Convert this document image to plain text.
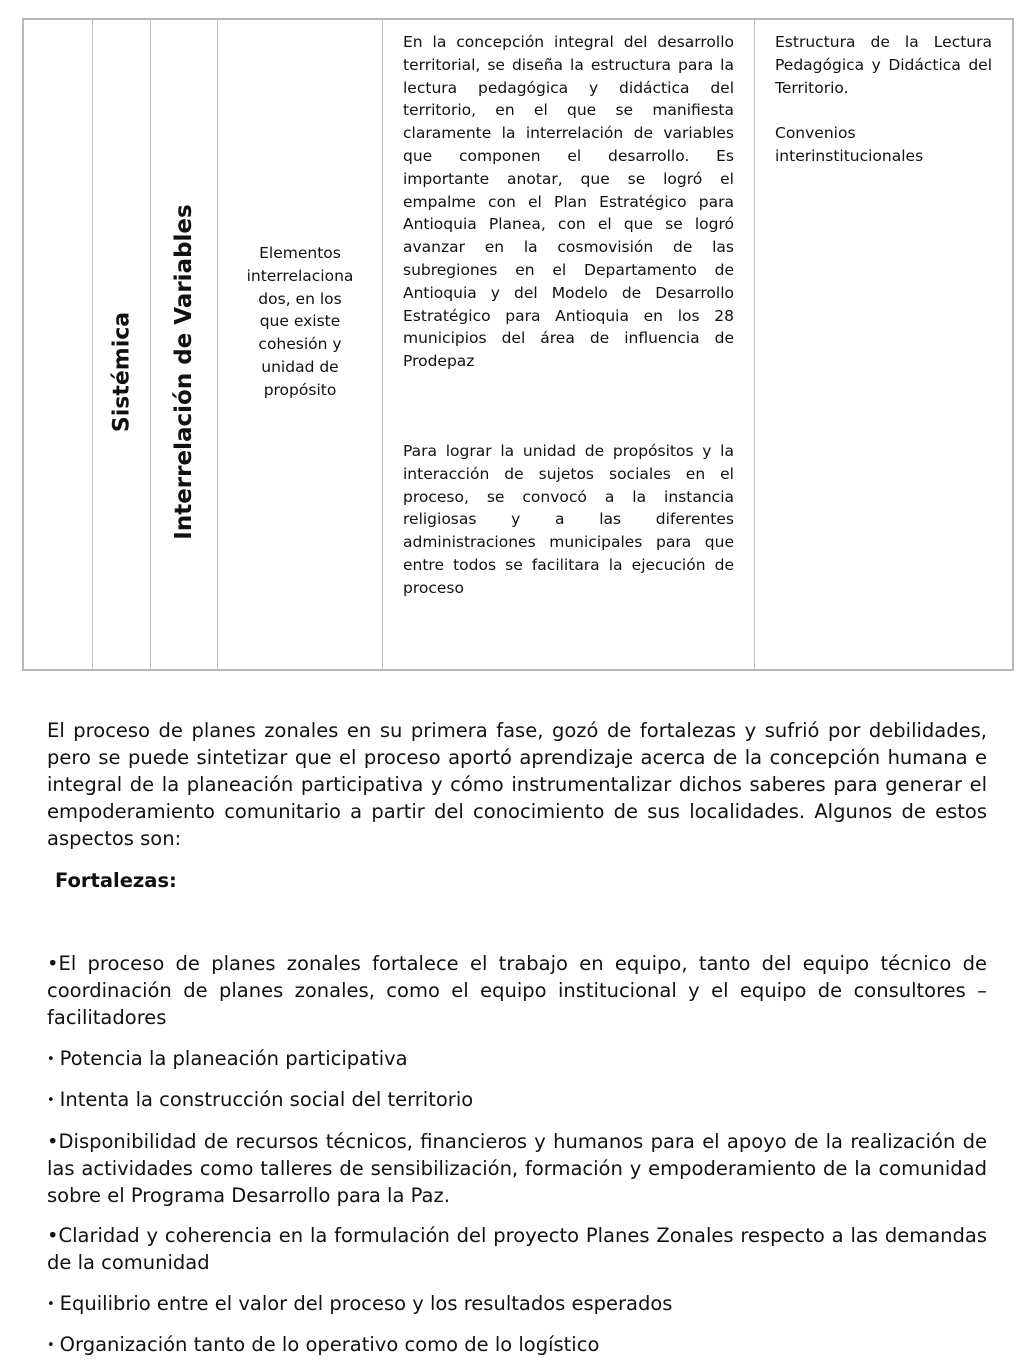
Sistémica Interrelación de Variables	Elementos
interrelaciona
dos, en los
que existe
cohesión y
unidad de
propósito

En la concepción integral del desarrollo territorial, se diseña la estructura para la lectura pedagógica y didáctica del territorio, en el que se manifiesta claramente la interrelación de variables que componen el desarrollo. Es importante anotar, que se logró el empalme con el Plan Estratégico para Antioquia Planea, con el que se logró avanzar en la cosmovisión de las subregiones en el Departamento de Antioquia y del Modelo de Desarrollo Estratégico para Antioquia en los 28 municipios del área de influencia de Prodepaz

Para lograr la unidad de propósitos y la interacción de sujetos sociales en el proceso, se convocó a la instancia religiosas y a las diferentes administraciones municipales para que entre todos se facilitara la ejecución de proceso

Estructura de la Lectura Pedagógica y Didáctica del Territorio.

Convenios interinstitucionales

El proceso de planes zonales en su primera fase, gozó de fortalezas y sufrió por debilidades, pero se puede sintetizar que el proceso aportó aprendizaje acerca de la concepción humana e integral de la planeación participativa y cómo instrumentalizar dichos saberes para generar el empoderamiento comunitario a partir del conocimiento de sus localidades. Algunos de estos aspectos son:

Fortalezas:
•El proceso de planes zonales fortalece el trabajo en equipo, tanto del equipo técnico de coordinación de planes zonales, como el equipo institucional y el equipo de consultores – facilitadores
• Potencia la planeación participativa
• Intenta la construcción social del territorio
•Disponibilidad de recursos técnicos, financieros y humanos para el apoyo de la realización de las actividades como talleres de sensibilización, formación y empoderamiento de la comunidad sobre el Programa Desarrollo para la Paz.
•Claridad y coherencia en la formulación del proyecto Planes Zonales respecto a las demandas de la comunidad
• Equilibrio entre el valor del proceso y los resultados esperados
• Organización tanto de lo operativo como de lo logístico
